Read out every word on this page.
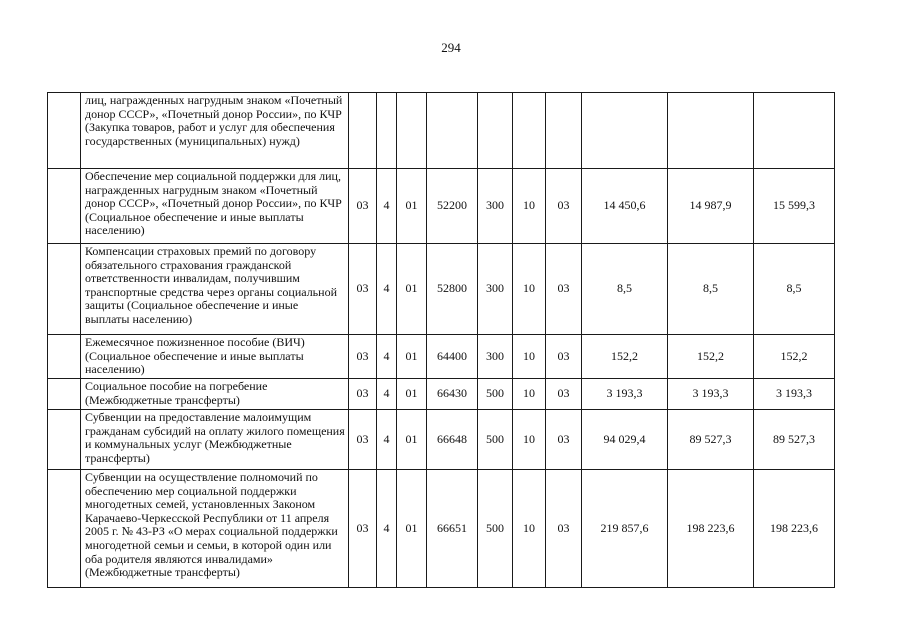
294
	лиц, награжденных нагрудным знаком «Почетный донор СССР», «Почетный донор России», по КЧР (Закупка товаров, работ и услуг для обеспечения государственных (муниципальных) нужд)										
	Обеспечение мер социальной поддержки для лиц, награжденных нагрудным знаком «Почетный донор СССР», «Почетный донор России», по КЧР (Социальное обеспечение и иные выплаты населению)	03	4	01	52200	300	10	03	14 450,6	14 987,9	15 599,3
	Компенсации страховых премий по договору обязательного страхования гражданской ответственности инвалидам, получившим транспортные средства через органы социальной защиты (Социальное обеспечение и иные выплаты населению)	03	4	01	52800	300	10	03	8,5	8,5	8,5
	Ежемесячное пожизненное пособие (ВИЧ) (Социальное обеспечение и иные выплаты населению)	03	4	01	64400	300	10	03	152,2	152,2	152,2
	Социальное пособие на погребение (Межбюджетные трансферты)	03	4	01	66430	500	10	03	3 193,3	3 193,3	3 193,3
	Субвенции на предоставление малоимущим гражданам субсидий на оплату жилого помещения и коммунальных услуг (Межбюджетные трансферты)	03	4	01	66648	500	10	03	94 029,4	89 527,3	89 527,3
	Субвенции на осуществление полномочий по обеспечению мер социальной поддержки многодетных семей, установленных Законом Карачаево-Черкесской Республики от 11 апреля 2005 г. № 43-РЗ «О мерах социальной поддержки многодетной семьи и семьи, в которой один или оба родителя являются инвалидами» (Межбюджетные трансферты)	03	4	01	66651	500	10	03	219 857,6	198 223,6	198 223,6
